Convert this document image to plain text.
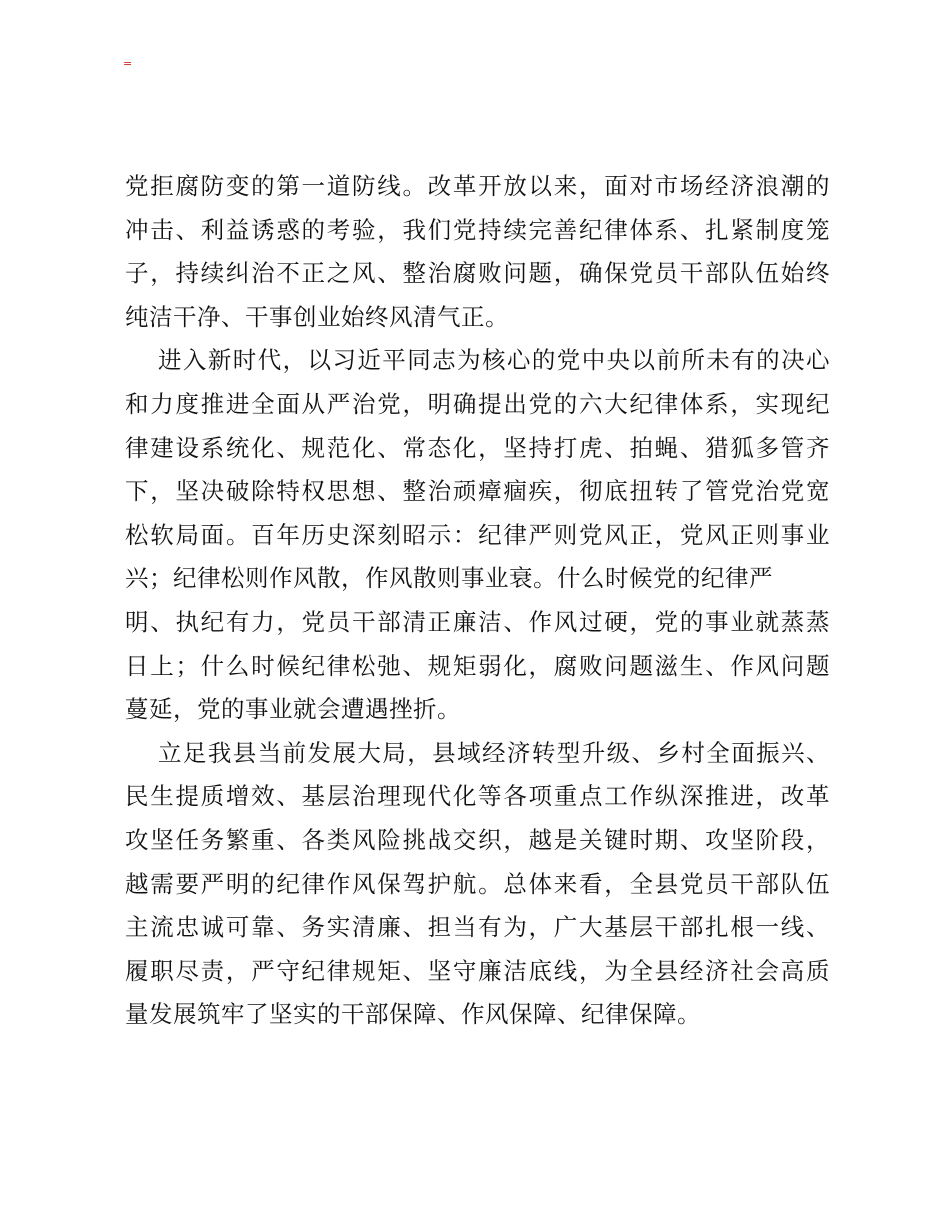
=
党拒腐防变的第一道防线。改革开放以来，面对市场经济浪潮的
冲击、利益诱惑的考验，我们党持续完善纪律体系、扎紧制度笼
子，持续纠治不正之风、整治腐败问题，确保党员干部队伍始终
纯洁干净、干事创业始终风清气正。
进入新时代，以习近平同志为核心的党中央以前所未有的决心
和力度推进全面从严治党，明确提出党的六大纪律体系，实现纪
律建设系统化、规范化、常态化，坚持打虎、拍蝇、猎狐多管齐
下，坚决破除特权思想、整治顽瘴痼疾，彻底扭转了管党治党宽
松软局面。百年历史深刻昭示：纪律严则党风正，党风正则事业
兴；纪律松则作风散，作风散则事业衰。什么时候党的纪律严
明、执纪有力，党员干部清正廉洁、作风过硬，党的事业就蒸蒸
日上；什么时候纪律松弛、规矩弱化，腐败问题滋生、作风问题
蔓延，党的事业就会遭遇挫折。
立足我县当前发展大局，县域经济转型升级、乡村全面振兴、
民生提质增效、基层治理现代化等各项重点工作纵深推进，改革
攻坚任务繁重、各类风险挑战交织，越是关键时期、攻坚阶段，
越需要严明的纪律作风保驾护航。总体来看，全县党员干部队伍
主流忠诚可靠、务实清廉、担当有为，广大基层干部扎根一线、
履职尽责，严守纪律规矩、坚守廉洁底线，为全县经济社会高质
量发展筑牢了坚实的干部保障、作风保障、纪律保障。
